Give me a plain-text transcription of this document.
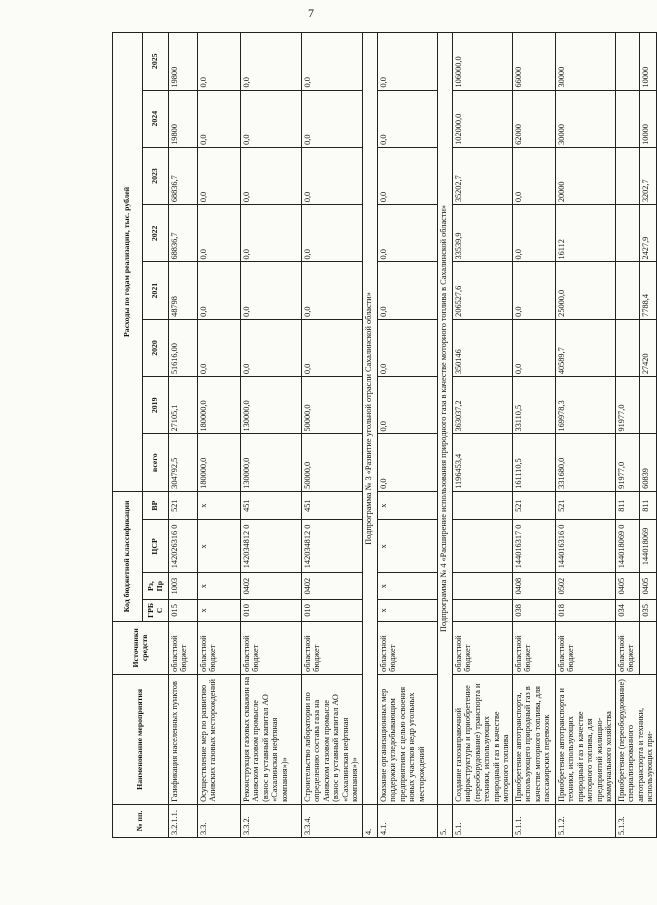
7
№ пп.	Наименование мероприятия	Источники средств	Код бюджетной классификации				Расходы по годам реализации, тыс. рублей							
			ГРБС	Рз, Пр	ЦСР	ВР	всего	2019	2020	2021	2022	2023	2024	2025

3.2.1.1.	Газификация населенных пунктов	областной бюджет	015	1003	142026316 0	521	304792,5	27105,1	51616,00	48798	68836,7	68836,7	19800	19800
3.3.	Осуществление мер по развитию Анивских газовых месторождений	областной бюджет	x	x	x	x	180000,0	180000,0	0,0	0,0	0,0	0,0	0,0	0,0
3.3.2.	Реконструкция газовых скважин на Анивском газовом промысле (взнос в уставный капитал АО «Сахалинская нефтяная компания»)»	областной бюджет	010	0402	142034812 0	451	130000,0	130000,0	0,0	0,0	0,0	0,0	0,0	0,0
3.3.4.	Строительство лаборатории по определению состава газа на Анивском газовом промысле (взнос в уставный капитал АО «Сахалинская нефтяная компания»)»	областной бюджет	010	0402	142034812 0	451	50000,0	50000,0	0,0	0,0	0,0	0,0	0,0	0,0
4.	Подпрограмма № 3 «Развитие угольной отрасли Сахалинской области»													
4.1.	Оказание организационных мер поддержки угледобывающим предприятиям с целью освоения новых участков недр угольных месторождений	областной бюджет	x	x	x	x	0,0	0,0	0,0	0,0	0,0	0,0	0,0	0,0
5.	Подпрограмма № 4 «Расширение использования природного газа в качестве моторного топлива в Сахалинской области»													
5.1.	Создание газозаправочной инфраструктуры и приобретение (переоборудование) транспорта и техники, использующих природный газ в качестве моторного топлива	областной бюджет					1196453,4	363037,2	350146	206527,6	33539,9	35202,7	102000,0	106000,0
5.1.1.	Приобретение автотранспорта, использующего природный газ в качестве моторного топлива, для пассажирских перевозок	областной бюджет	038	0408	144016317 0	521	161110,5	33110,5	0,0	0,0	0,0	0,0	62000	66000
5.1.2.	Приобретение автотранспорта и техники, использующих природный газ в качестве моторного топлива, для предприятий жилищно-коммунального хозяйства	областной бюджет	018	0502	144016316 0	521	331680,0	169978,3	40589,7	25000,0	16112	20000	30000	30000
5.1.3.	Приобретение (переоборудование) специализированного автотранспорта и техники, использующих при-	областной бюджет	034	0405	144018069 0	811	91977,0	91977,0						
			035	0405	144018069	811	60839		27420	7788,4	2427,9	3202,7	10000	10000
